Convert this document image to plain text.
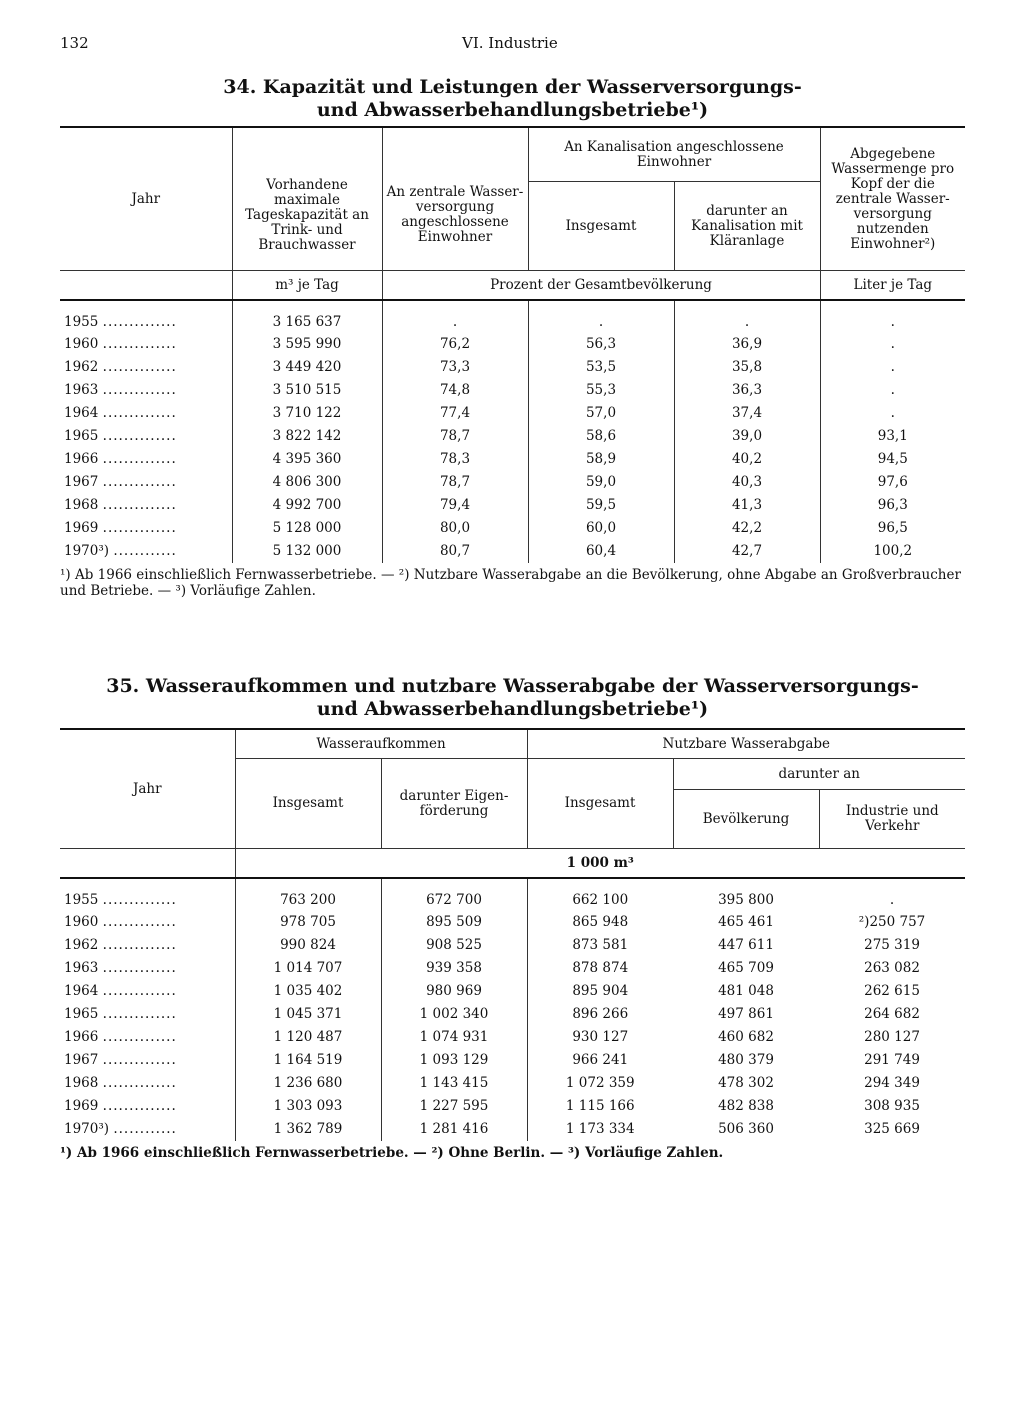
132	VI. Industrie
34. Kapazität und Leistungen der Wasserversorgungs-
und Abwasserbehandlungsbetriebe¹)
Jahr	Vorhandene maximale Tageskapazität an Trink- und Brauchwasser	An zentrale Wasser-versorgung angeschlossene Einwohner	An Kanalisation angeschlossene Einwohner		Abgegebene Wassermenge pro Kopf der die zentrale Wasser-versorgung nutzenden Einwohner²)
			Insgesamt	darunter an Kanalisation mit Kläranlage	
	m³ je Tag	Prozent der Gesamtbevölkerung			Liter je Tag
1955 ..............	3 165 637	.	.	.	.
1960 ..............	3 595 990	76,2	56,3	36,9	.
1962 ..............	3 449 420	73,3	53,5	35,8	.
1963 ..............	3 510 515	74,8	55,3	36,3	.
1964 ..............	3 710 122	77,4	57,0	37,4	.
1965 ..............	3 822 142	78,7	58,6	39,0	93,1
1966 ..............	4 395 360	78,3	58,9	40,2	94,5
1967 ..............	4 806 300	78,7	59,0	40,3	97,6
1968 ..............	4 992 700	79,4	59,5	41,3	96,3
1969 ..............	5 128 000	80,0	60,0	42,2	96,5
1970³) ............	5 132 000	80,7	60,4	42,7	100,2
¹) Ab 1966 einschließlich Fernwasserbetriebe. — ²) Nutzbare Wasserabgabe an die Bevölkerung, ohne Abgabe an Großverbraucher
und Betriebe. — ³) Vorläufige Zahlen.
35. Wasseraufkommen und nutzbare Wasserabgabe der Wasserversorgungs-
und Abwasserbehandlungsbetriebe¹)
Jahr	Wasseraufkommen		Nutzbare Wasserabgabe		
	Insgesamt	darunter Eigen-förderung	Insgesamt	darunter an	
				Bevölkerung	Industrie und Verkehr
	1 000 m³				
1955 ..............	763 200	672 700	662 100	395 800	.
1960 ..............	978 705	895 509	865 948	465 461	²)250 757
1962 ..............	990 824	908 525	873 581	447 611	275 319
1963 ..............	1 014 707	939 358	878 874	465 709	263 082
1964 ..............	1 035 402	980 969	895 904	481 048	262 615
1965 ..............	1 045 371	1 002 340	896 266	497 861	264 682
1966 ..............	1 120 487	1 074 931	930 127	460 682	280 127
1967 ..............	1 164 519	1 093 129	966 241	480 379	291 749
1968 ..............	1 236 680	1 143 415	1 072 359	478 302	294 349
1969 ..............	1 303 093	1 227 595	1 115 166	482 838	308 935
1970³) ............	1 362 789	1 281 416	1 173 334	506 360	325 669
¹) Ab 1966 einschließlich Fernwasserbetriebe. — ²) Ohne Berlin. — ³) Vorläufige Zahlen.
